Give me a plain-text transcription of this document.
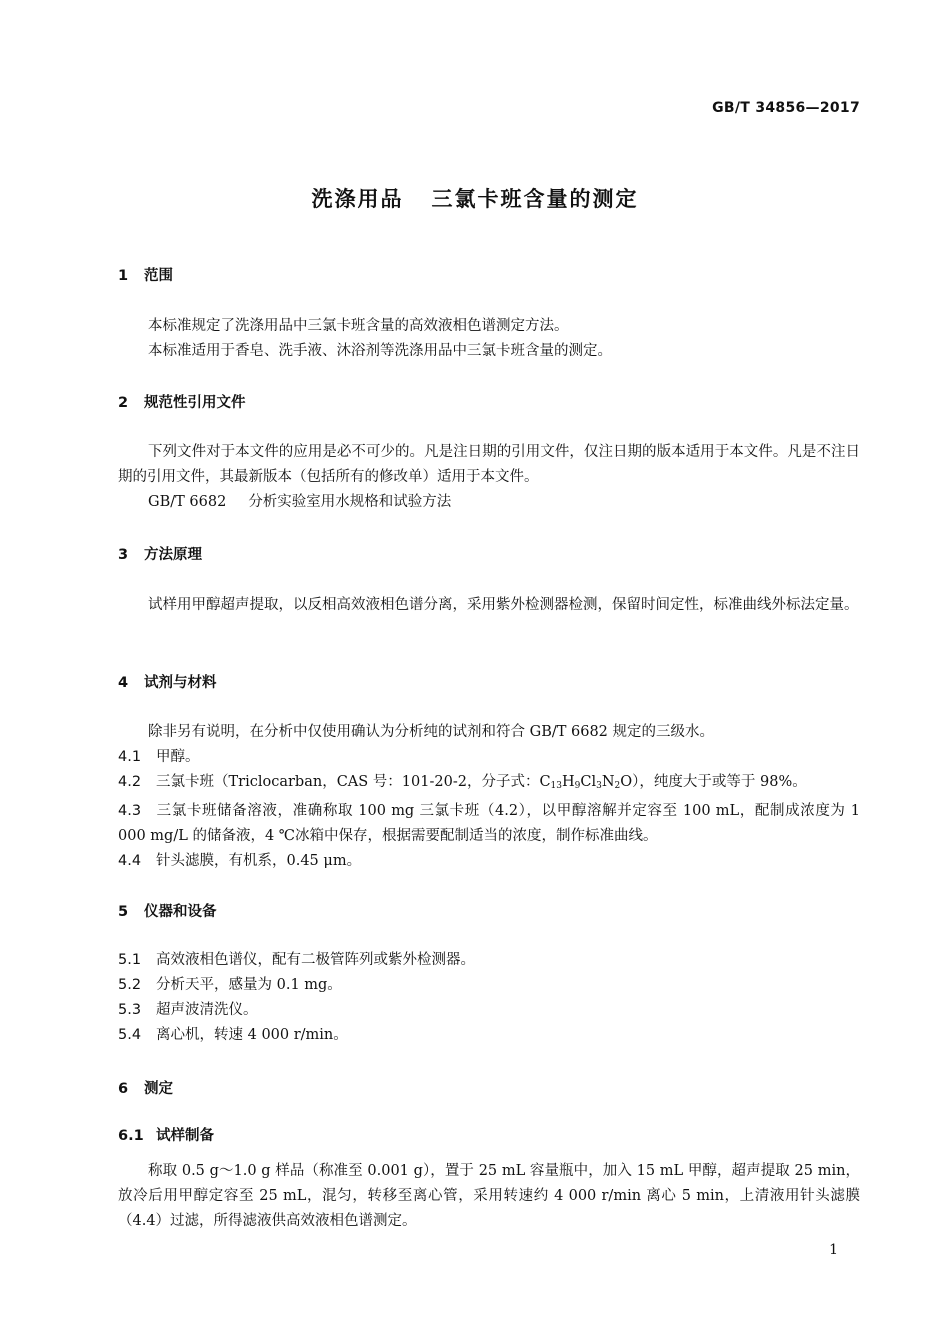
GB/T 34856—2017
洗涤用品 三氯卡班含量的测定
1 范围
本标准规定了洗涤用品中三氯卡班含量的高效液相色谱测定方法。
本标准适用于香皂、洗手液、沐浴剂等洗涤用品中三氯卡班含量的测定。
2 规范性引用文件
下列文件对于本文件的应用是必不可少的。凡是注日期的引用文件，仅注日期的版本适用于本文件。凡是不注日期的引用文件，其最新版本（包括所有的修改单）适用于本文件。
GB/T 6682 分析实验室用水规格和试验方法
3 方法原理
试样用甲醇超声提取，以反相高效液相色谱分离，采用紫外检测器检测，保留时间定性，标准曲线外标法定量。
4 试剂与材料
除非另有说明，在分析中仅使用确认为分析纯的试剂和符合 GB/T 6682 规定的三级水。
4.1 甲醇。
4.2 三氯卡班（Triclocarban，CAS 号：101-20-2，分子式：$C_{13}H_9Cl_3N_2O$），纯度大于或等于 98%。
4.3 三氯卡班储备溶液，准确称取 100 mg 三氯卡班（4.2），以甲醇溶解并定容至 100 mL，配制成浓度为 1 000 mg/L 的储备液，4 ℃冰箱中保存，根据需要配制适当的浓度，制作标准曲线。
4.4 针头滤膜，有机系，0.45 μm。
5 仪器和设备
5.1 高效液相色谱仪，配有二极管阵列或紫外检测器。
5.2 分析天平，感量为 0.1 mg。
5.3 超声波清洗仪。
5.4 离心机，转速 4 000 r/min。
6 测定
6.1 试样制备
称取 0.5 g～1.0 g 样品（称准至 0.001 g），置于 25 mL 容量瓶中，加入 15 mL 甲醇，超声提取 25 min，放冷后用甲醇定容至 25 mL，混匀，转移至离心管，采用转速约 4 000 r/min 离心 5 min，上清液用针头滤膜（4.4）过滤，所得滤液供高效液相色谱测定。
1
